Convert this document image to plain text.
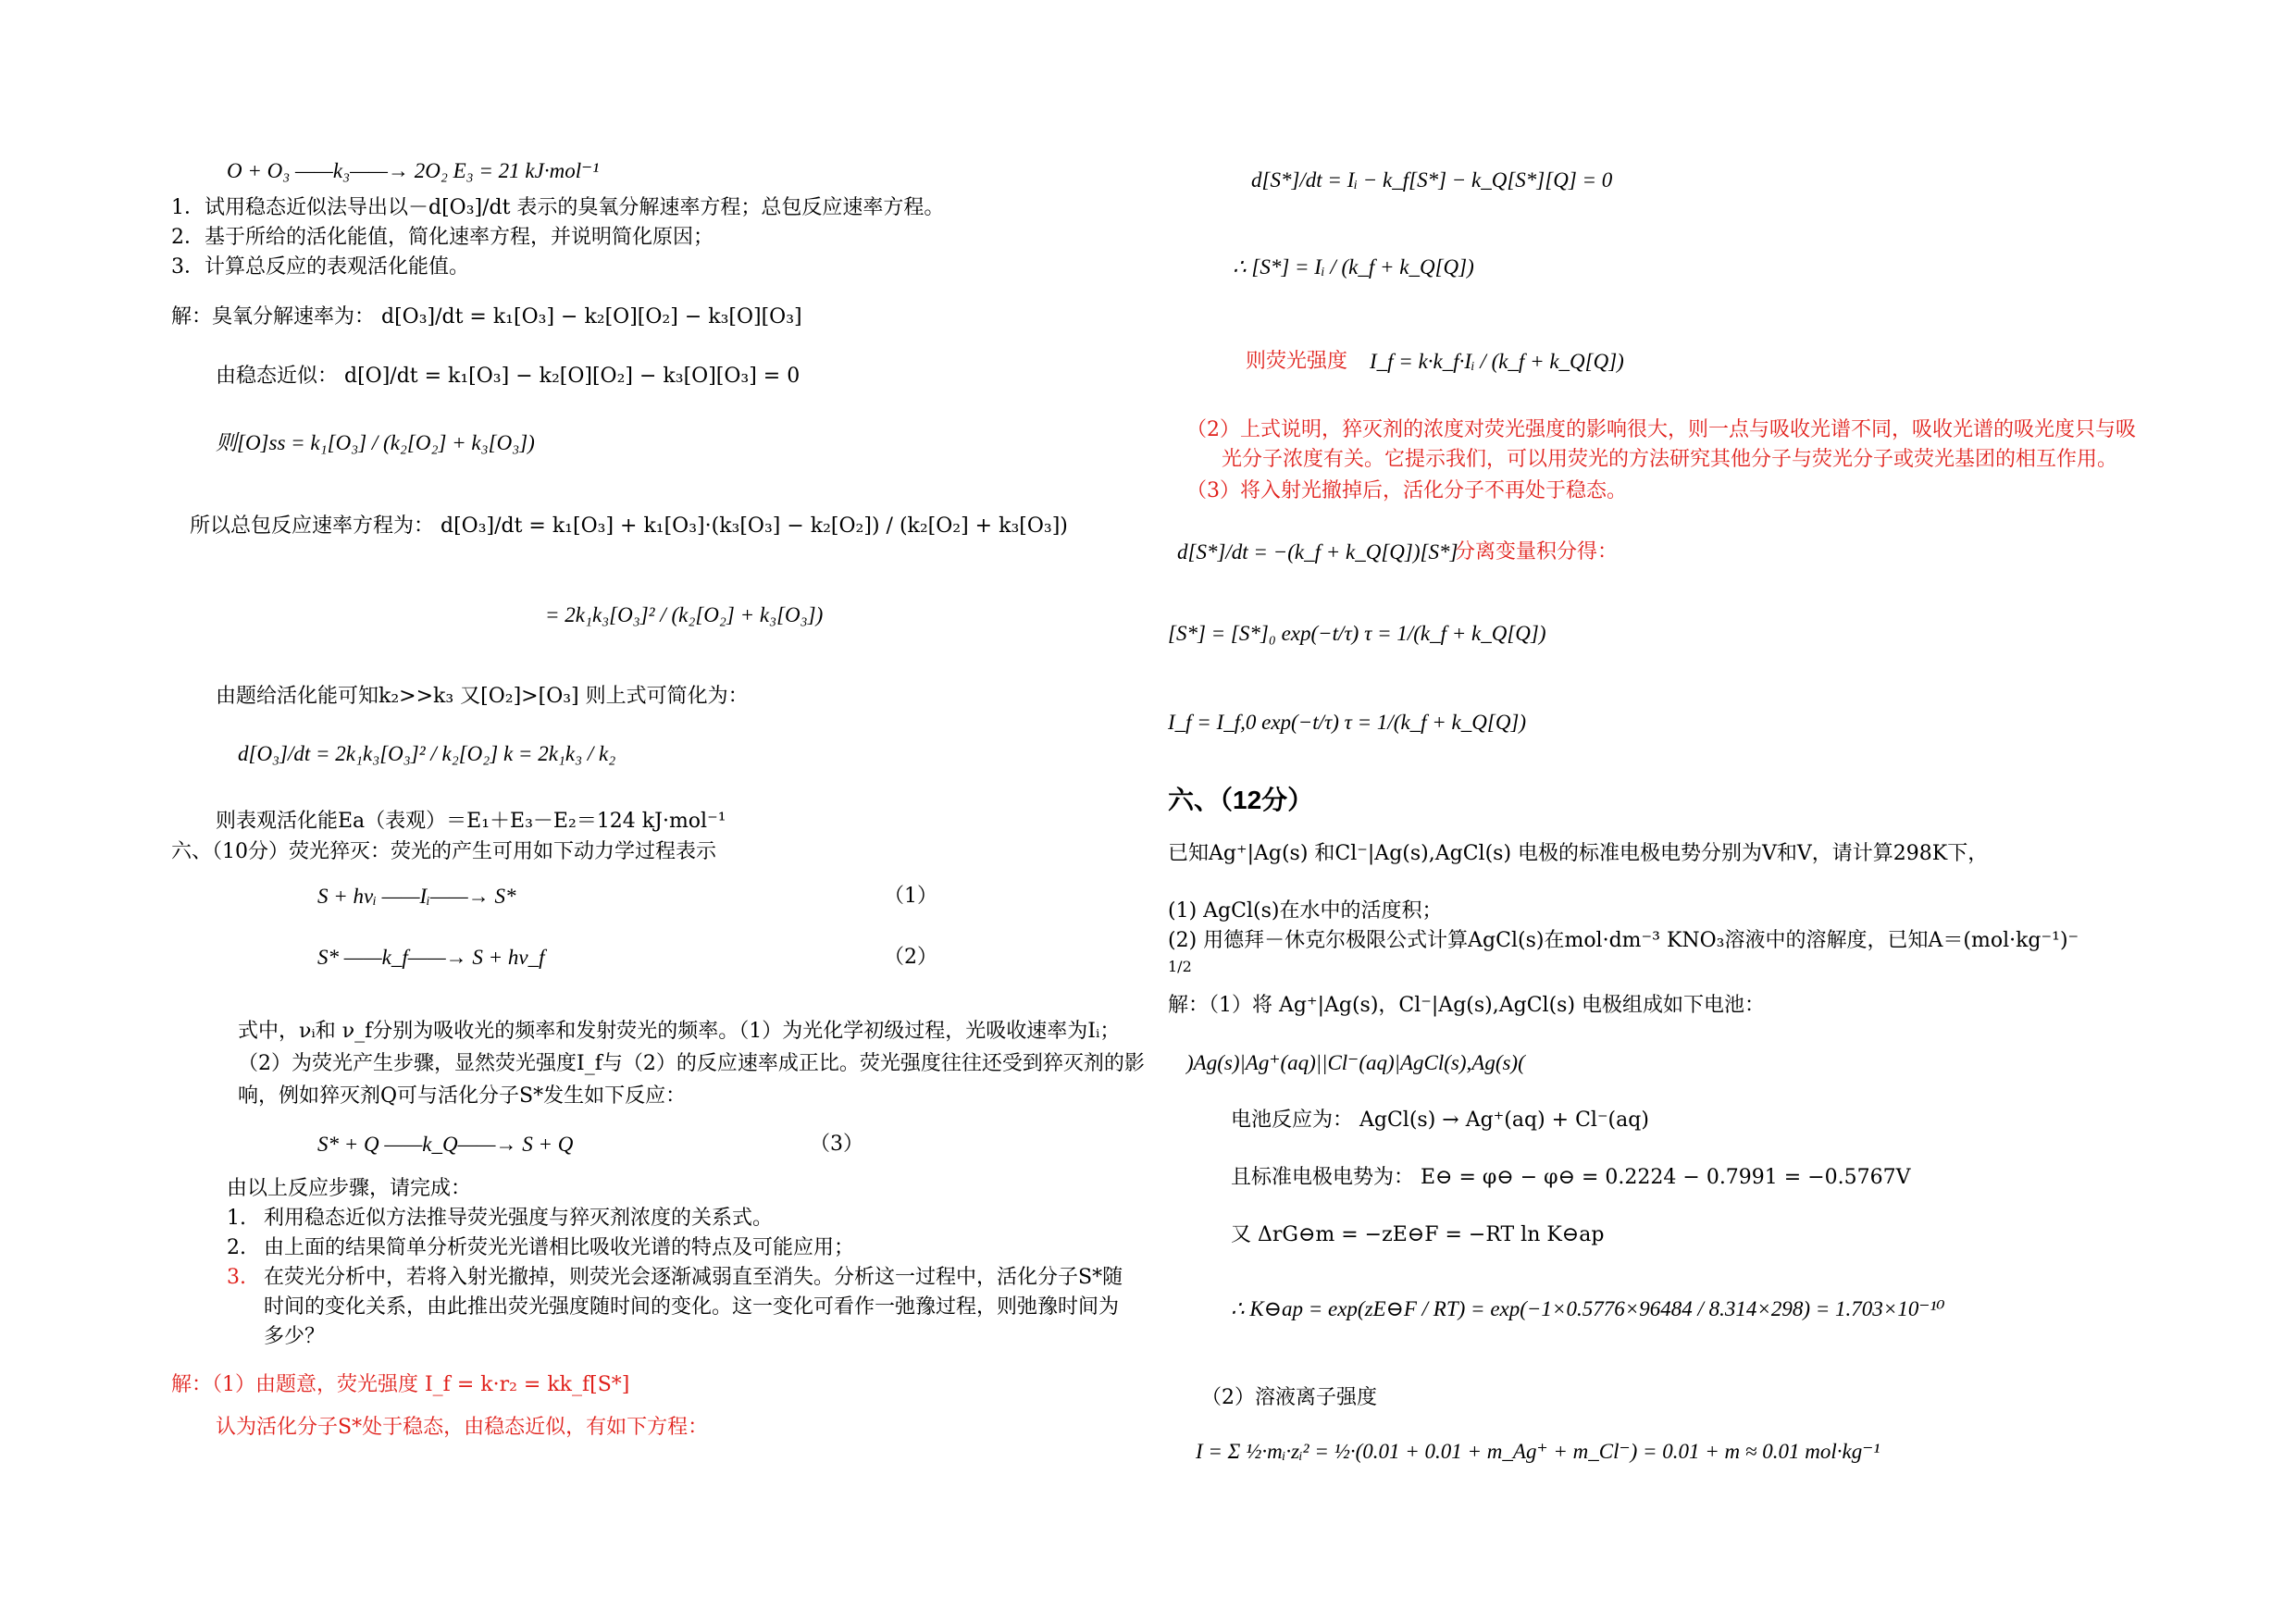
O + O₃ ——k₃——→ 2O₂ E₃ = 21 kJ·mol⁻¹
1．试用稳态近似法导出以－d[O₃]/dt 表示的臭氧分解速率方程；总包反应速率方程。
2．基于所给的活化能值，简化速率方程，并说明简化原因；
3．计算总反应的表观活化能值。
解：臭氧分解速率为： d[O₃]/dt = k₁[O₃] − k₂[O][O₂] − k₃[O][O₃]
由稳态近似： d[O]/dt = k₁[O₃] − k₂[O][O₂] − k₃[O][O₃] = 0
则[O]ss = k₁[O₃] / (k₂[O₂] + k₃[O₃])
所以总包反应速率方程为： d[O₃]/dt = k₁[O₃] + k₁[O₃]·(k₃[O₃] − k₂[O₂]) / (k₂[O₂] + k₃[O₃])
= 2k₁k₃[O₃]² / (k₂[O₂] + k₃[O₃])
由题给活化能可知k₂>>k₃ 又[O₂]>[O₃] 则上式可简化为：
d[O₃]/dt = 2k₁k₃[O₃]² / k₂[O₂] k = 2k₁k₃ / k₂
则表观活化能Ea（表观）＝E₁＋E₃－E₂＝124 kJ·mol⁻¹
六、（10分）荧光猝灭：荧光的产生可用如下动力学过程表示
S + hνᵢ ——Iᵢ——→ S*	（1）
S* ——k_f——→ S + hν_f	（2）
式中，νᵢ和 ν_f分别为吸收光的频率和发射荧光的频率。（1）为光化学初级过程，光吸收速率为Iᵢ；
（2）为荧光产生步骤，显然荧光强度I_f与（2）的反应速率成正比。荧光强度往往还受到猝灭剂的影
响，例如猝灭剂Q可与活化分子S*发生如下反应：
S* + Q ——k_Q——→ S + Q	（3）
由以上反应步骤，请完成：
1. 利用稳态近似方法推导荧光强度与猝灭剂浓度的关系式。
2. 由上面的结果简单分析荧光光谱相比吸收光谱的特点及可能应用；
3. 在荧光分析中，若将入射光撤掉，则荧光会逐渐减弱直至消失。分析这一过程中，活化分子S*随
时间的变化关系，由此推出荧光强度随时间的变化。这一变化可看作一弛豫过程，则弛豫时间为
多少？
解：（1）由题意，荧光强度 I_f = k·r₂ = kk_f[S*]
认为活化分子S*处于稳态，由稳态近似，有如下方程：
d[S*]/dt = Iᵢ − k_f[S*] − k_Q[S*][Q] = 0
∴ [S*] = Iᵢ / (k_f + k_Q[Q])
则荧光强度 I_f = k·k_f·Iᵢ / (k_f + k_Q[Q])
（2）上式说明，猝灭剂的浓度对荧光强度的影响很大，则一点与吸收光谱不同，吸收光谱的吸光度只与吸
光分子浓度有关。它提示我们，可以用荧光的方法研究其他分子与荧光分子或荧光基团的相互作用。
（3）将入射光撤掉后，活化分子不再处于稳态。
d[S*]/dt = −(k_f + k_Q[Q])[S*]
分离变量积分得：
[S*] = [S*]₀ exp(−t/τ) τ = 1/(k_f + k_Q[Q])
I_f = I_f,0 exp(−t/τ) τ = 1/(k_f + k_Q[Q])
六、（12分）
已知Ag⁺|Ag(s) 和Cl⁻|Ag(s),AgCl(s) 电极的标准电极电势分别为V和V，请计算298K下，
(1) AgCl(s)在水中的活度积；
(2) 用德拜－休克尔极限公式计算AgCl(s)在mol·dm⁻³ KNO₃溶液中的溶解度，已知A＝(mol·kg⁻¹)⁻
1/2
解：（1）将 Ag⁺|Ag(s)，Cl⁻|Ag(s),AgCl(s) 电极组成如下电池：
)Ag(s)|Ag⁺(aq)||Cl⁻(aq)|AgCl(s),Ag(s)(
电池反应为： AgCl(s) → Ag⁺(aq) + Cl⁻(aq)
且标准电极电势为： E⊖ = φ⊖ − φ⊖ = 0.2224 − 0.7991 = −0.5767V
又 ΔrG⊖m = −zE⊖F = −RT ln K⊖ap
∴ K⊖ap = exp(zE⊖F / RT) = exp(−1×0.5776×96484 / 8.314×298) = 1.703×10⁻¹⁰
（2）溶液离子强度
I = Σ ½·mᵢ·zᵢ² = ½·(0.01 + 0.01 + m_Ag⁺ + m_Cl⁻) = 0.01 + m ≈ 0.01 mol·kg⁻¹
